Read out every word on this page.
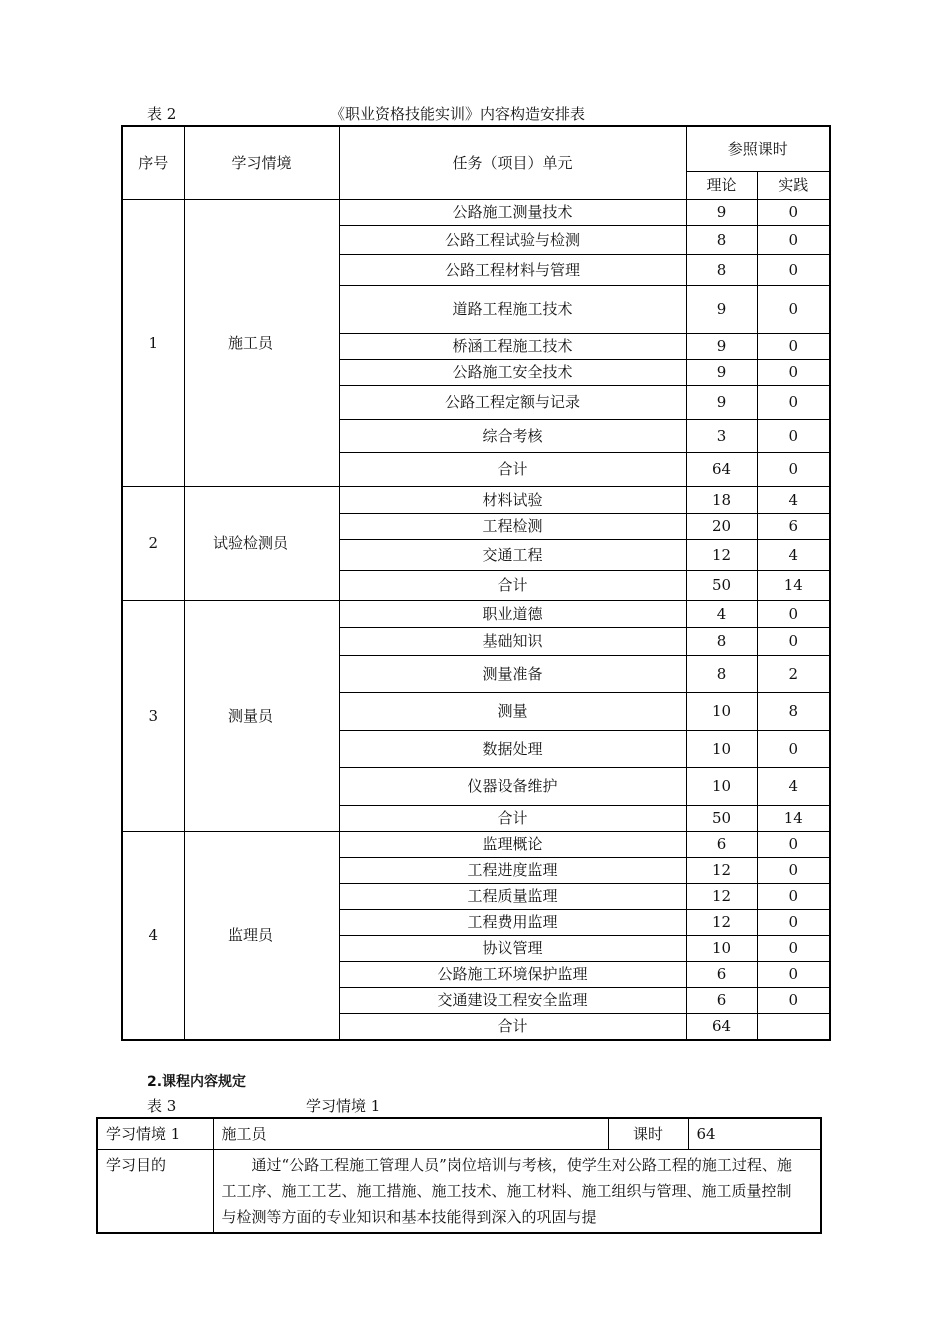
表 2	《职业资格技能实训》内容构造安排表
序号	学习情境	任务（项目）单元	参照课时	
			理论	实践
1	施工员	公路施工测量技术	9	0
		公路工程试验与检测	8	0
		公路工程材料与管理	8	0
		道路工程施工技术	9	0
		桥涵工程施工技术	9	0
		公路施工安全技术	9	0
		公路工程定额与记录	9	0
		综合考核	3	0
		合计	64	0
2	试验检测员	材料试验	18	4
		工程检测	20	6
		交通工程	12	4
		合计	50	14
3	测量员	职业道德	4	0
		基础知识	8	0
		测量准备	8	2
		测量	10	8
		数据处理	10	0
		仪器设备维护	10	4
		合计	50	14
4	监理员	监理概论	6	0
		工程进度监理	12	0
		工程质量监理	12	0
		工程费用监理	12	0
		协议管理	10	0
		公路施工环境保护监理	6	0
		交通建设工程安全监理	6	0
		合计	64	
2.课程内容规定
表 3	学习情境 1
学习情境 1	施工员	课时	64
学习目的	通过“公路工程施工管理人员”岗位培训与考核，使学生对公路工程的施工过程、施工工序、施工工艺、施工措施、施工技术、施工材料、施工组织与管理、施工质量控制与检测等方面的专业知识和基本技能得到深入的巩固与提		
